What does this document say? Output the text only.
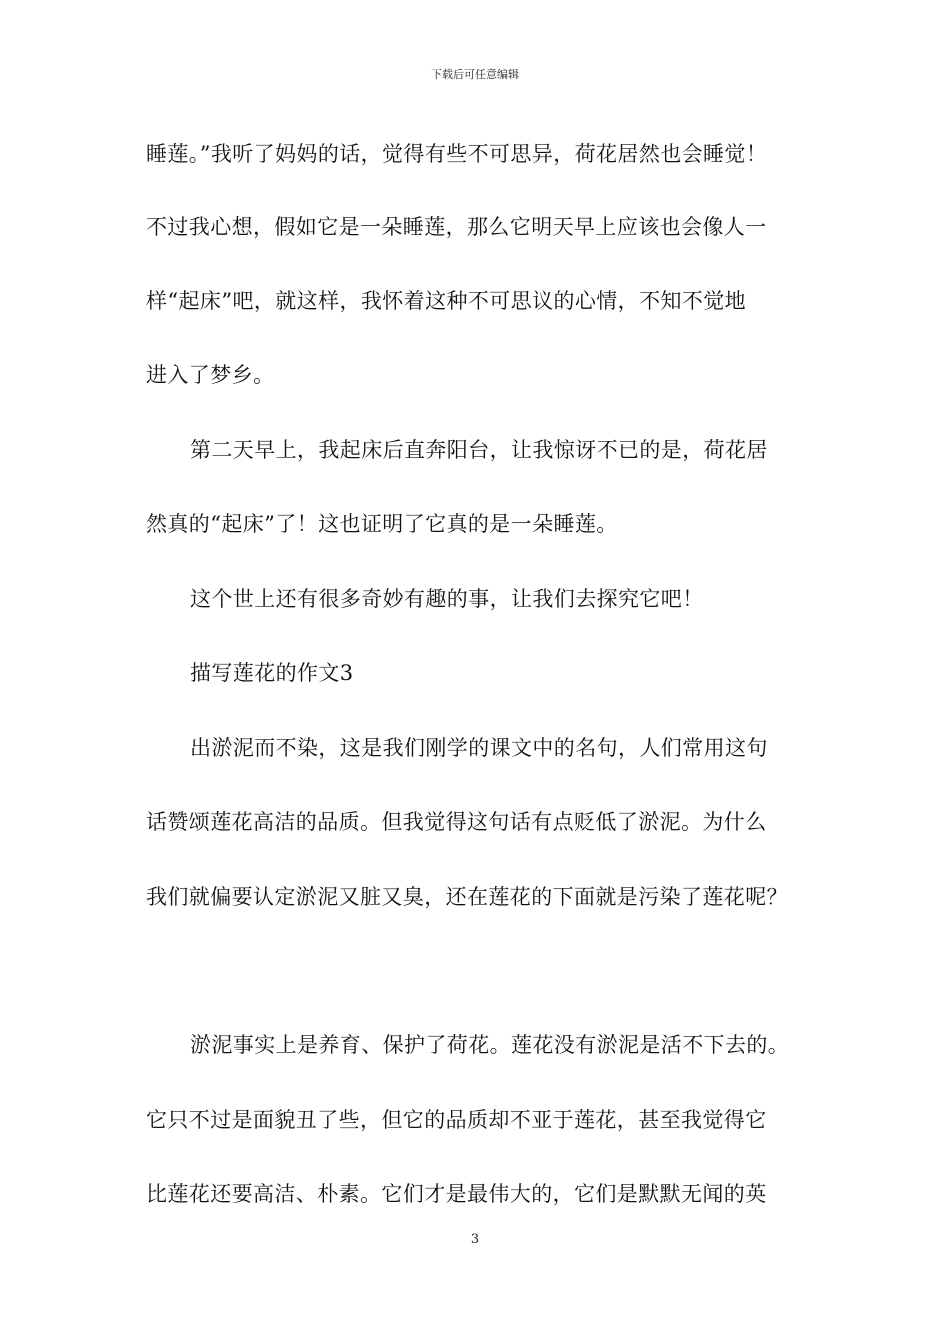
下载后可任意编辑
睡莲。”我听了妈妈的话，觉得有些不可思异，荷花居然也会睡觉！
不过我心想，假如它是一朵睡莲，那么它明天早上应该也会像人一
样“起床”吧，就这样，我怀着这种不可思议的心情，不知不觉地
进入了梦乡。
第二天早上，我起床后直奔阳台，让我惊讶不已的是，荷花居
然真的“起床”了！这也证明了它真的是一朵睡莲。
这个世上还有很多奇妙有趣的事，让我们去探究它吧！
描写莲花的作文3
出淤泥而不染，这是我们刚学的课文中的名句，人们常用这句
话赞颂莲花高洁的品质。但我觉得这句话有点贬低了淤泥。为什么
我们就偏要认定淤泥又脏又臭，还在莲花的下面就是污染了莲花呢？
淤泥事实上是养育、保护了荷花。莲花没有淤泥是活不下去的。
它只不过是面貌丑了些，但它的品质却不亚于莲花，甚至我觉得它
比莲花还要高洁、朴素。它们才是最伟大的，它们是默默无闻的英
3
